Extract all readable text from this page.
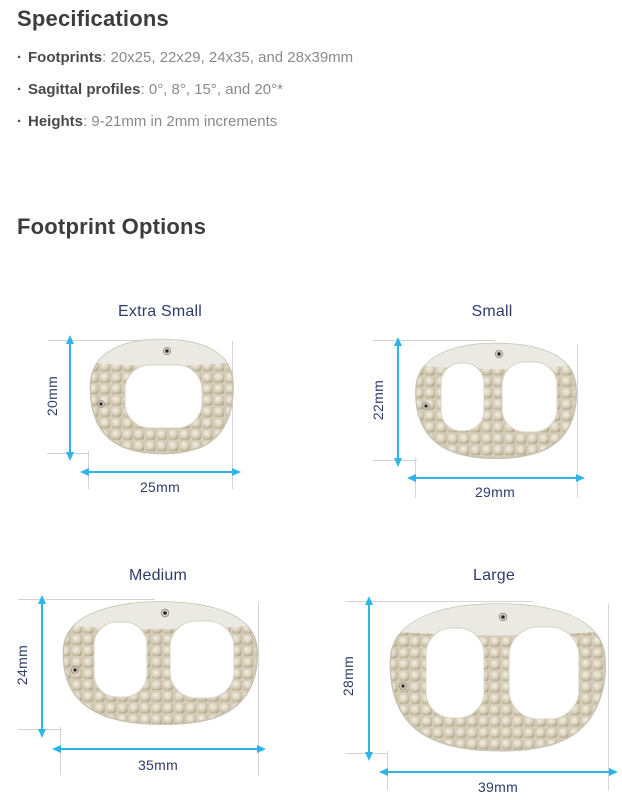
Specifications
· Footprints: 20x25, 22x29, 24x35, and 28x39mm
· Sagittal profiles: 0°, 8°, 15°, and 20°*
· Heights: 9-21mm in 2mm increments
Footprint Options
Extra Small
20mm
25mm
Small
22mm
29mm
Medium
24mm
35mm
Large
28mm
39mm
